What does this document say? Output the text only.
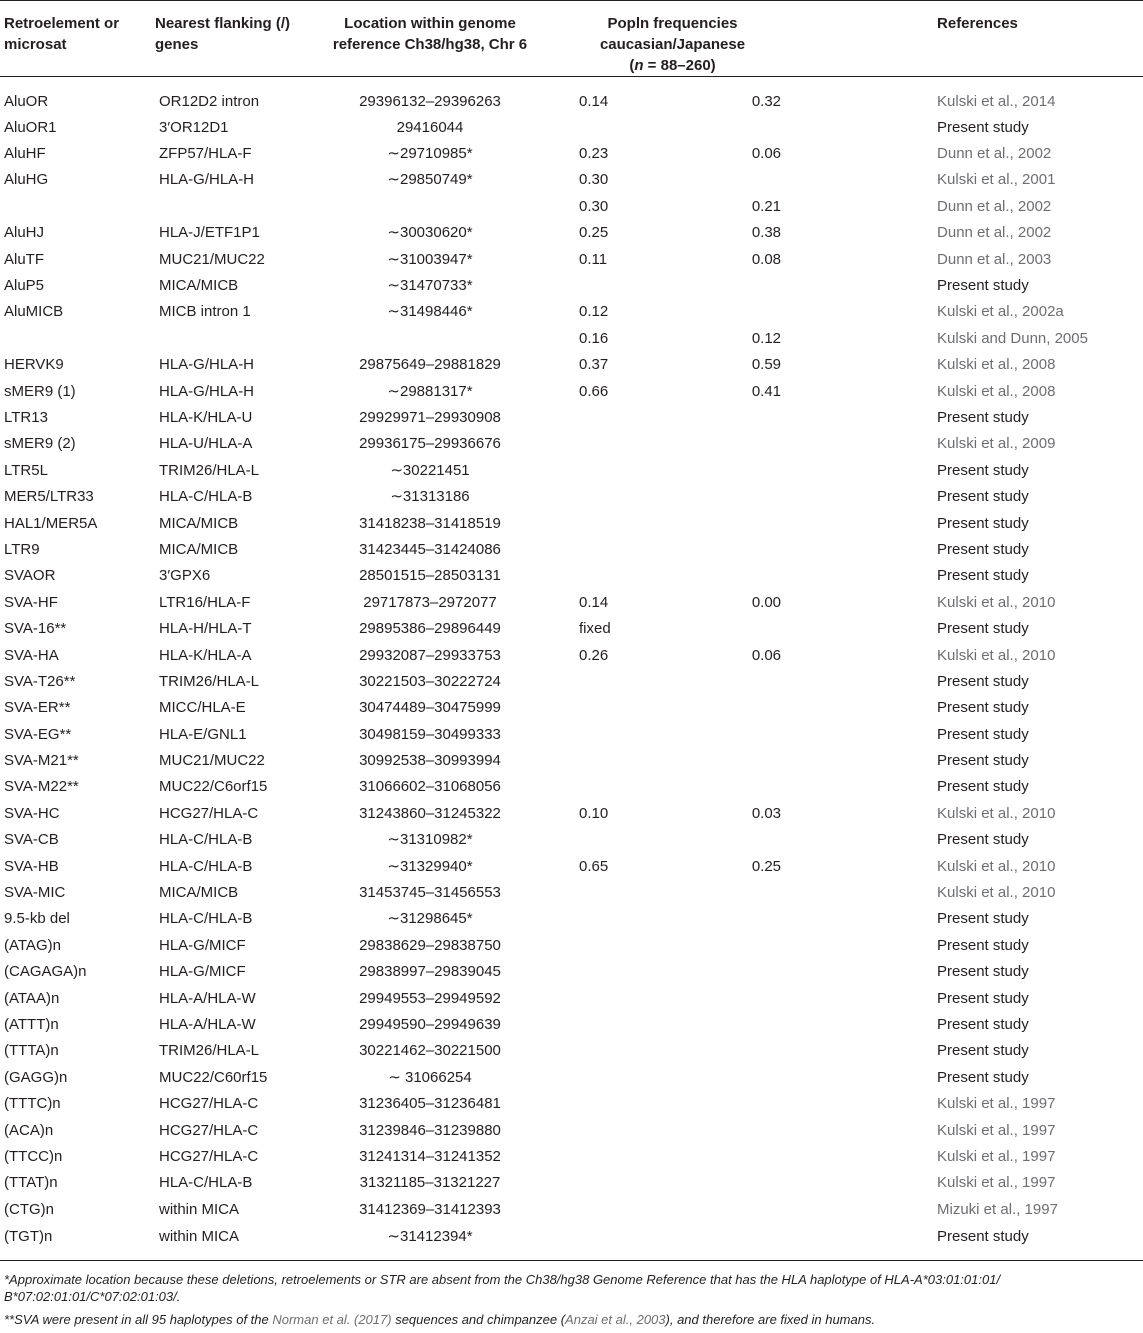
Retroelement or microsat	Nearest flanking (/) genes	Location within genome reference Ch38/hg38, Chr 6	Popln frequencies caucasian/Japanese
(n = 88–260)		References
AluOR	OR12D2 intron	29396132–29396263	0.14	0.32	Kulski et al., 2014
AluOR1	3′OR12D1	29416044			Present study
AluHF	ZFP57/HLA-F	∼29710985*	0.23	0.06	Dunn et al., 2002
AluHG	HLA-G/HLA-H	∼29850749*	0.30		Kulski et al., 2001
			0.30	0.21	Dunn et al., 2002
AluHJ	HLA-J/ETF1P1	∼30030620*	0.25	0.38	Dunn et al., 2002
AluTF	MUC21/MUC22	∼31003947*	0.11	0.08	Dunn et al., 2003
AluP5	MICA/MICB	∼31470733*			Present study
AluMICB	MICB intron 1	∼31498446*	0.12		Kulski et al., 2002a
			0.16	0.12	Kulski and Dunn, 2005
HERVK9	HLA-G/HLA-H	29875649–29881829	0.37	0.59	Kulski et al., 2008
sMER9 (1)	HLA-G/HLA-H	∼29881317*	0.66	0.41	Kulski et al., 2008
LTR13	HLA-K/HLA-U	29929971–29930908			Present study
sMER9 (2)	HLA-U/HLA-A	29936175–29936676			Kulski et al., 2009
LTR5L	TRIM26/HLA-L	∼30221451			Present study
MER5/LTR33	HLA-C/HLA-B	∼31313186			Present study
HAL1/MER5A	MICA/MICB	31418238–31418519			Present study
LTR9	MICA/MICB	31423445–31424086			Present study
SVAOR	3′GPX6	28501515–28503131			Present study
SVA-HF	LTR16/HLA-F	29717873–2972077	0.14	0.00	Kulski et al., 2010
SVA-16**	HLA-H/HLA-T	29895386–29896449	fixed		Present study
SVA-HA	HLA-K/HLA-A	29932087–29933753	0.26	0.06	Kulski et al., 2010
SVA-T26**	TRIM26/HLA-L	30221503–30222724			Present study
SVA-ER**	MICC/HLA-E	30474489–30475999			Present study
SVA-EG**	HLA-E/GNL1	30498159–30499333			Present study
SVA-M21**	MUC21/MUC22	30992538–30993994			Present study
SVA-M22**	MUC22/C6orf15	31066602–31068056			Present study
SVA-HC	HCG27/HLA-C	31243860–31245322	0.10	0.03	Kulski et al., 2010
SVA-CB	HLA-C/HLA-B	∼31310982*			Present study
SVA-HB	HLA-C/HLA-B	∼31329940*	0.65	0.25	Kulski et al., 2010
SVA-MIC	MICA/MICB	31453745–31456553			Kulski et al., 2010
9.5-kb del	HLA-C/HLA-B	∼31298645*			Present study
(ATAG)n	HLA-G/MICF	29838629–29838750			Present study
(CAGAGA)n	HLA-G/MICF	29838997–29839045			Present study
(ATAA)n	HLA-A/HLA-W	29949553–29949592			Present study
(ATTT)n	HLA-A/HLA-W	29949590–29949639			Present study
(TTTA)n	TRIM26/HLA-L	30221462–30221500			Present study
(GAGG)n	MUC22/C60rf15	∼ 31066254			Present study
(TTTC)n	HCG27/HLA-C	31236405–31236481			Kulski et al., 1997
(ACA)n	HCG27/HLA-C	31239846–31239880			Kulski et al., 1997
(TTCC)n	HCG27/HLA-C	31241314–31241352			Kulski et al., 1997
(TTAT)n	HLA-C/HLA-B	31321185–31321227			Kulski et al., 1997
(CTG)n	within MICA	31412369–31412393			Mizuki et al., 1997
(TGT)n	within MICA	∼31412394*			Present study

*Approximate location because these deletions, retroelements or STR are absent from the Ch38/hg38 Genome Reference that has the HLA haplotype of HLA-A*03:01:01:01/ B*07:02:01:01/C*07:02:01:03/.

**SVA were present in all 95 haplotypes of the Norman et al. (2017) sequences and chimpanzee (Anzai et al., 2003), and therefore are fixed in humans.
